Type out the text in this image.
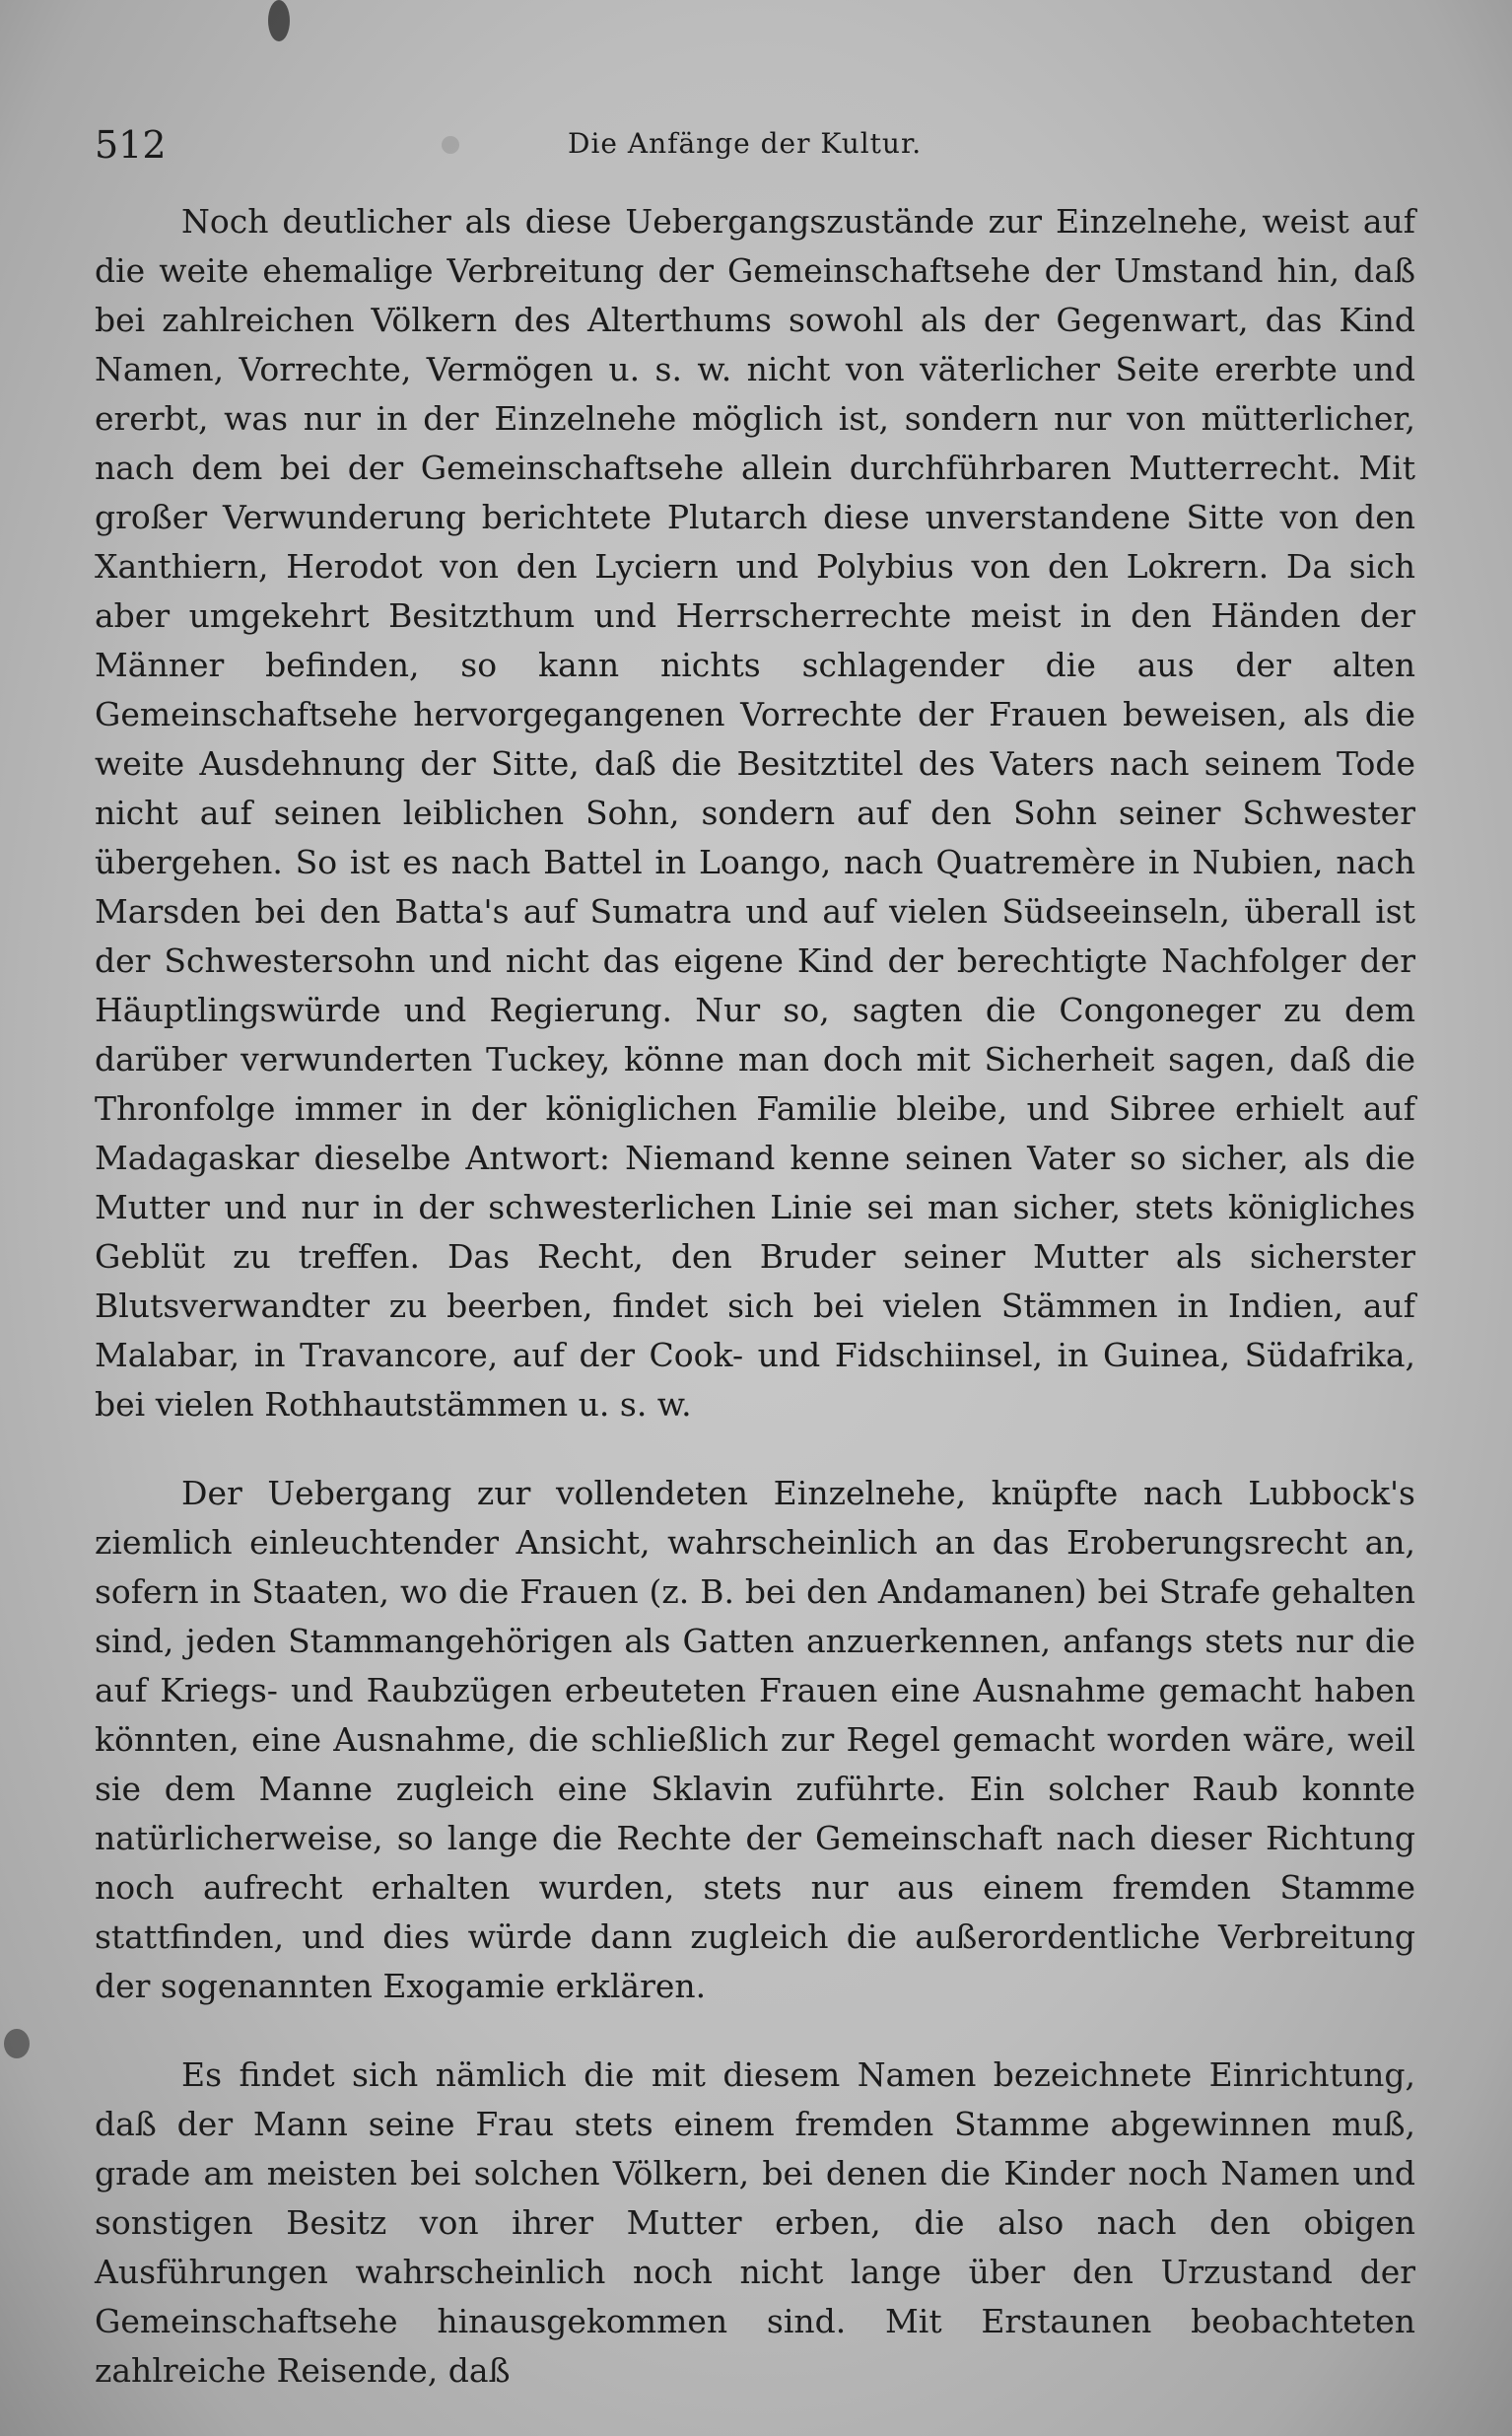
512	Die Anfänge der Kultur.

Noch deutlicher als diese Uebergangszustände zur Einzelnehe, weist auf die weite ehemalige Verbreitung der Gemeinschaftsehe der Umstand hin, daß bei zahlreichen Völkern des Alterthums sowohl als der Gegenwart, das Kind Namen, Vorrechte, Vermögen u. s. w. nicht von väterlicher Seite ererbte und ererbt, was nur in der Einzelnehe möglich ist, sondern nur von mütterlicher, nach dem bei der Gemeinschaftsehe allein durchführbaren Mutterrecht. Mit großer Verwunderung berichtete Plutarch diese unverstandene Sitte von den Xanthiern, Herodot von den Lyciern und Polybius von den Lokrern. Da sich aber umgekehrt Besitzthum und Herrscherrechte meist in den Händen der Männer befinden, so kann nichts schlagender die aus der alten Gemeinschaftsehe hervorgegangenen Vorrechte der Frauen beweisen, als die weite Ausdehnung der Sitte, daß die Besitztitel des Vaters nach seinem Tode nicht auf seinen leiblichen Sohn, sondern auf den Sohn seiner Schwester übergehen. So ist es nach Battel in Loango, nach Quatremère in Nubien, nach Marsden bei den Batta's auf Sumatra und auf vielen Südseeinseln, überall ist der Schwestersohn und nicht das eigene Kind der berechtigte Nachfolger der Häuptlingswürde und Regierung. Nur so, sagten die Congoneger zu dem darüber verwunderten Tuckey, könne man doch mit Sicherheit sagen, daß die Thronfolge immer in der königlichen Familie bleibe, und Sibree erhielt auf Madagaskar dieselbe Antwort: Niemand kenne seinen Vater so sicher, als die Mutter und nur in der schwesterlichen Linie sei man sicher, stets königliches Geblüt zu treffen. Das Recht, den Bruder seiner Mutter als sicherster Blutsverwandter zu beerben, findet sich bei vielen Stämmen in Indien, auf Malabar, in Travancore, auf der Cook- und Fidschiinsel, in Guinea, Südafrika, bei vielen Rothhautstämmen u. s. w.

Der Uebergang zur vollendeten Einzelnehe, knüpfte nach Lubbock's ziemlich einleuchtender Ansicht, wahrscheinlich an das Eroberungsrecht an, sofern in Staaten, wo die Frauen (z. B. bei den Andamanen) bei Strafe gehalten sind, jeden Stammangehörigen als Gatten anzuerkennen, anfangs stets nur die auf Kriegs- und Raubzügen erbeuteten Frauen eine Ausnahme gemacht haben könnten, eine Ausnahme, die schließlich zur Regel gemacht worden wäre, weil sie dem Manne zugleich eine Sklavin zuführte. Ein solcher Raub konnte natürlicherweise, so lange die Rechte der Gemeinschaft nach dieser Richtung noch aufrecht erhalten wurden, stets nur aus einem fremden Stamme stattfinden, und dies würde dann zugleich die außerordentliche Verbreitung der sogenannten Exogamie erklären.

Es findet sich nämlich die mit diesem Namen bezeichnete Einrichtung, daß der Mann seine Frau stets einem fremden Stamme abgewinnen muß, grade am meisten bei solchen Völkern, bei denen die Kinder noch Namen und sonstigen Besitz von ihrer Mutter erben, die also nach den obigen Ausführungen wahrscheinlich noch nicht lange über den Urzustand der Gemeinschaftsehe hinausgekommen sind. Mit Erstaunen beobachteten zahlreiche Reisende, daß
